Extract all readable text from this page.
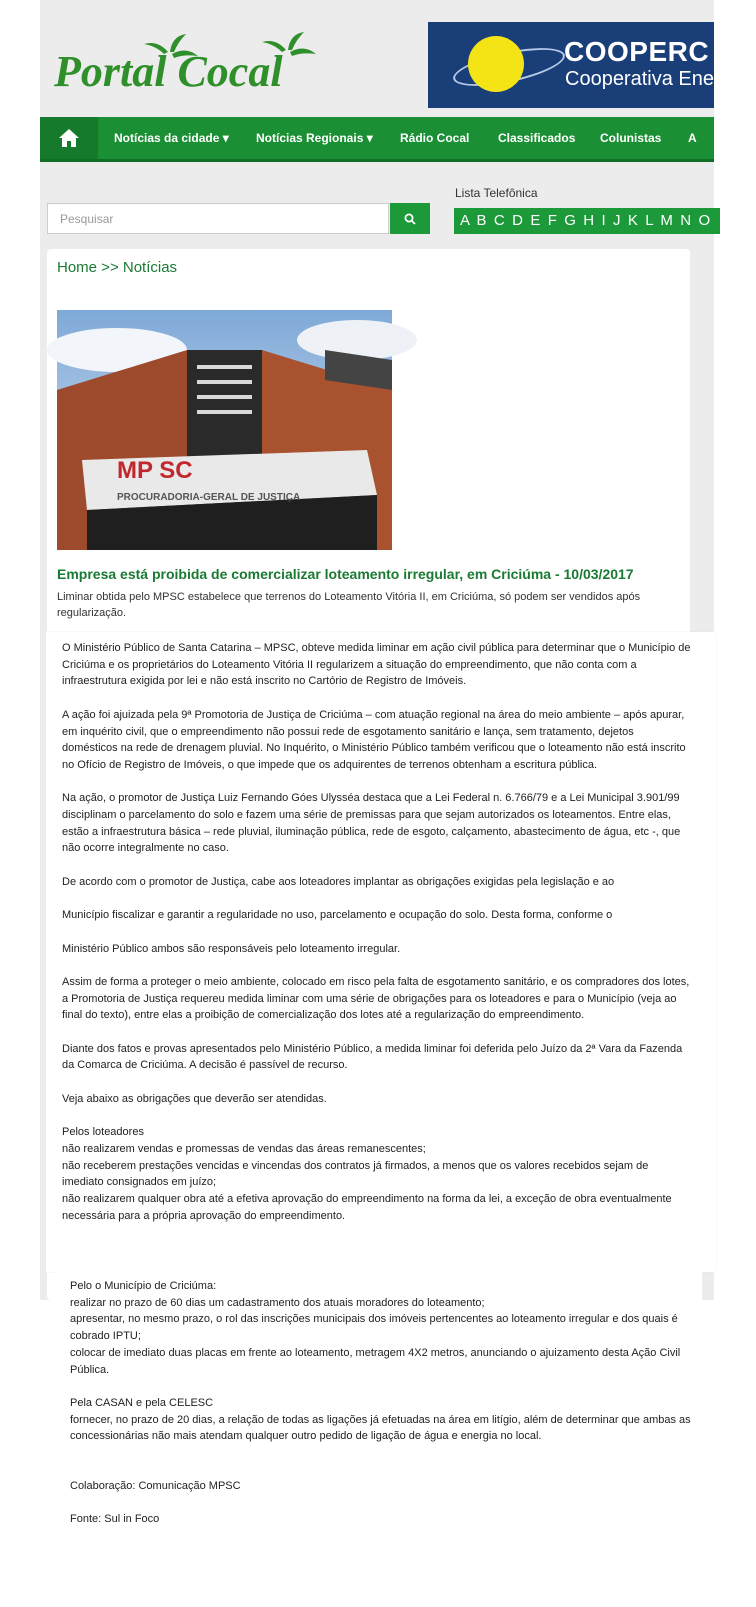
Portal Cocal	COOPERC
Cooperativa Energ
Notícias da cidade ▾ Notícias Regionais ▾ Rádio Cocal Classificados Colunistas A
Lista Telefônica
A B C D E F G H I J K L M N O
Pesquisar
Home >> Notícias
MP SC
PROCURADORIA-GERAL DE JUSTIÇA
Empresa está proibida de comercializar loteamento irregular, em Criciúma - 10/03/2017
Liminar obtida pelo MPSC estabelece que terrenos do Loteamento Vitória II, em Criciúma, só podem ser vendidos após regularização.

O Ministério Público de Santa Catarina – MPSC, obteve medida liminar em ação civil pública para determinar que o Município de Criciúma e os proprietários do Loteamento Vitória II regularizem a situação do empreendimento, que não conta com a infraestrutura exigida por lei e não está inscrito no Cartório de Registro de Imóveis.

A ação foi ajuizada pela 9ª Promotoria de Justiça de Criciúma – com atuação regional na área do meio ambiente – após apurar, em inquérito civil, que o empreendimento não possui rede de esgotamento sanitário e lança, sem tratamento, dejetos domésticos na rede de drenagem pluvial. No Inquérito, o Ministério Público também verificou que o loteamento não está inscrito no Ofício de Registro de Imóveis, o que impede que os adquirentes de terrenos obtenham a escritura pública.

Na ação, o promotor de Justiça Luiz Fernando Góes Ulysséa destaca que a Lei Federal n. 6.766/79 e a Lei Municipal 3.901/99 disciplinam o parcelamento do solo e fazem uma série de premissas para que sejam autorizados os loteamentos. Entre elas, estão a infraestrutura básica – rede pluvial, iluminação pública, rede de esgoto, calçamento, abastecimento de água, etc -, que não ocorre integralmente no caso.

De acordo com o promotor de Justiça, cabe aos loteadores implantar as obrigações exigidas pela legislação e ao

Município fiscalizar e garantir a regularidade no uso, parcelamento e ocupação do solo. Desta forma, conforme o

Ministério Público ambos são responsáveis pelo loteamento irregular.

Assim de forma a proteger o meio ambiente, colocado em risco pela falta de esgotamento sanitário, e os compradores dos lotes, a Promotoria de Justiça requereu medida liminar com uma série de obrigações para os loteadores e para o Município (veja ao final do texto), entre elas a proibição de comercialização dos lotes até a regularização do empreendimento.

Diante dos fatos e provas apresentados pelo Ministério Público, a medida liminar foi deferida pelo Juízo da 2ª Vara da Fazenda da Comarca de Criciúma. A decisão é passível de recurso.

Veja abaixo as obrigações que deverão ser atendidas.

Pelos loteadores
não realizarem vendas e promessas de vendas das áreas remanescentes;
não receberem prestações vencidas e vincendas dos contratos já firmados, a menos que os valores recebidos sejam de imediato consignados em juízo;
não realizarem qualquer obra até a efetiva aprovação do empreendimento na forma da lei, a exceção de obra eventualmente necessária para a própria aprovação do empreendimento.
Pelo o Município de Criciúma:
realizar no prazo de 60 dias um cadastramento dos atuais moradores do loteamento;
apresentar, no mesmo prazo, o rol das inscrições municipais dos imóveis pertencentes ao loteamento irregular e dos quais é cobrado IPTU;
colocar de imediato duas placas em frente ao loteamento, metragem 4X2 metros, anunciando o ajuizamento desta Ação Civil Pública.
Pela CASAN e pela CELESC
fornecer, no prazo de 20 dias, a relação de todas as ligações já efetuadas na área em litígio, além de determinar que ambas as concessionárias não mais atendam qualquer outro pedido de ligação de água e energia no local.

Colaboração: Comunicação MPSC

Fonte: Sul in Foco
